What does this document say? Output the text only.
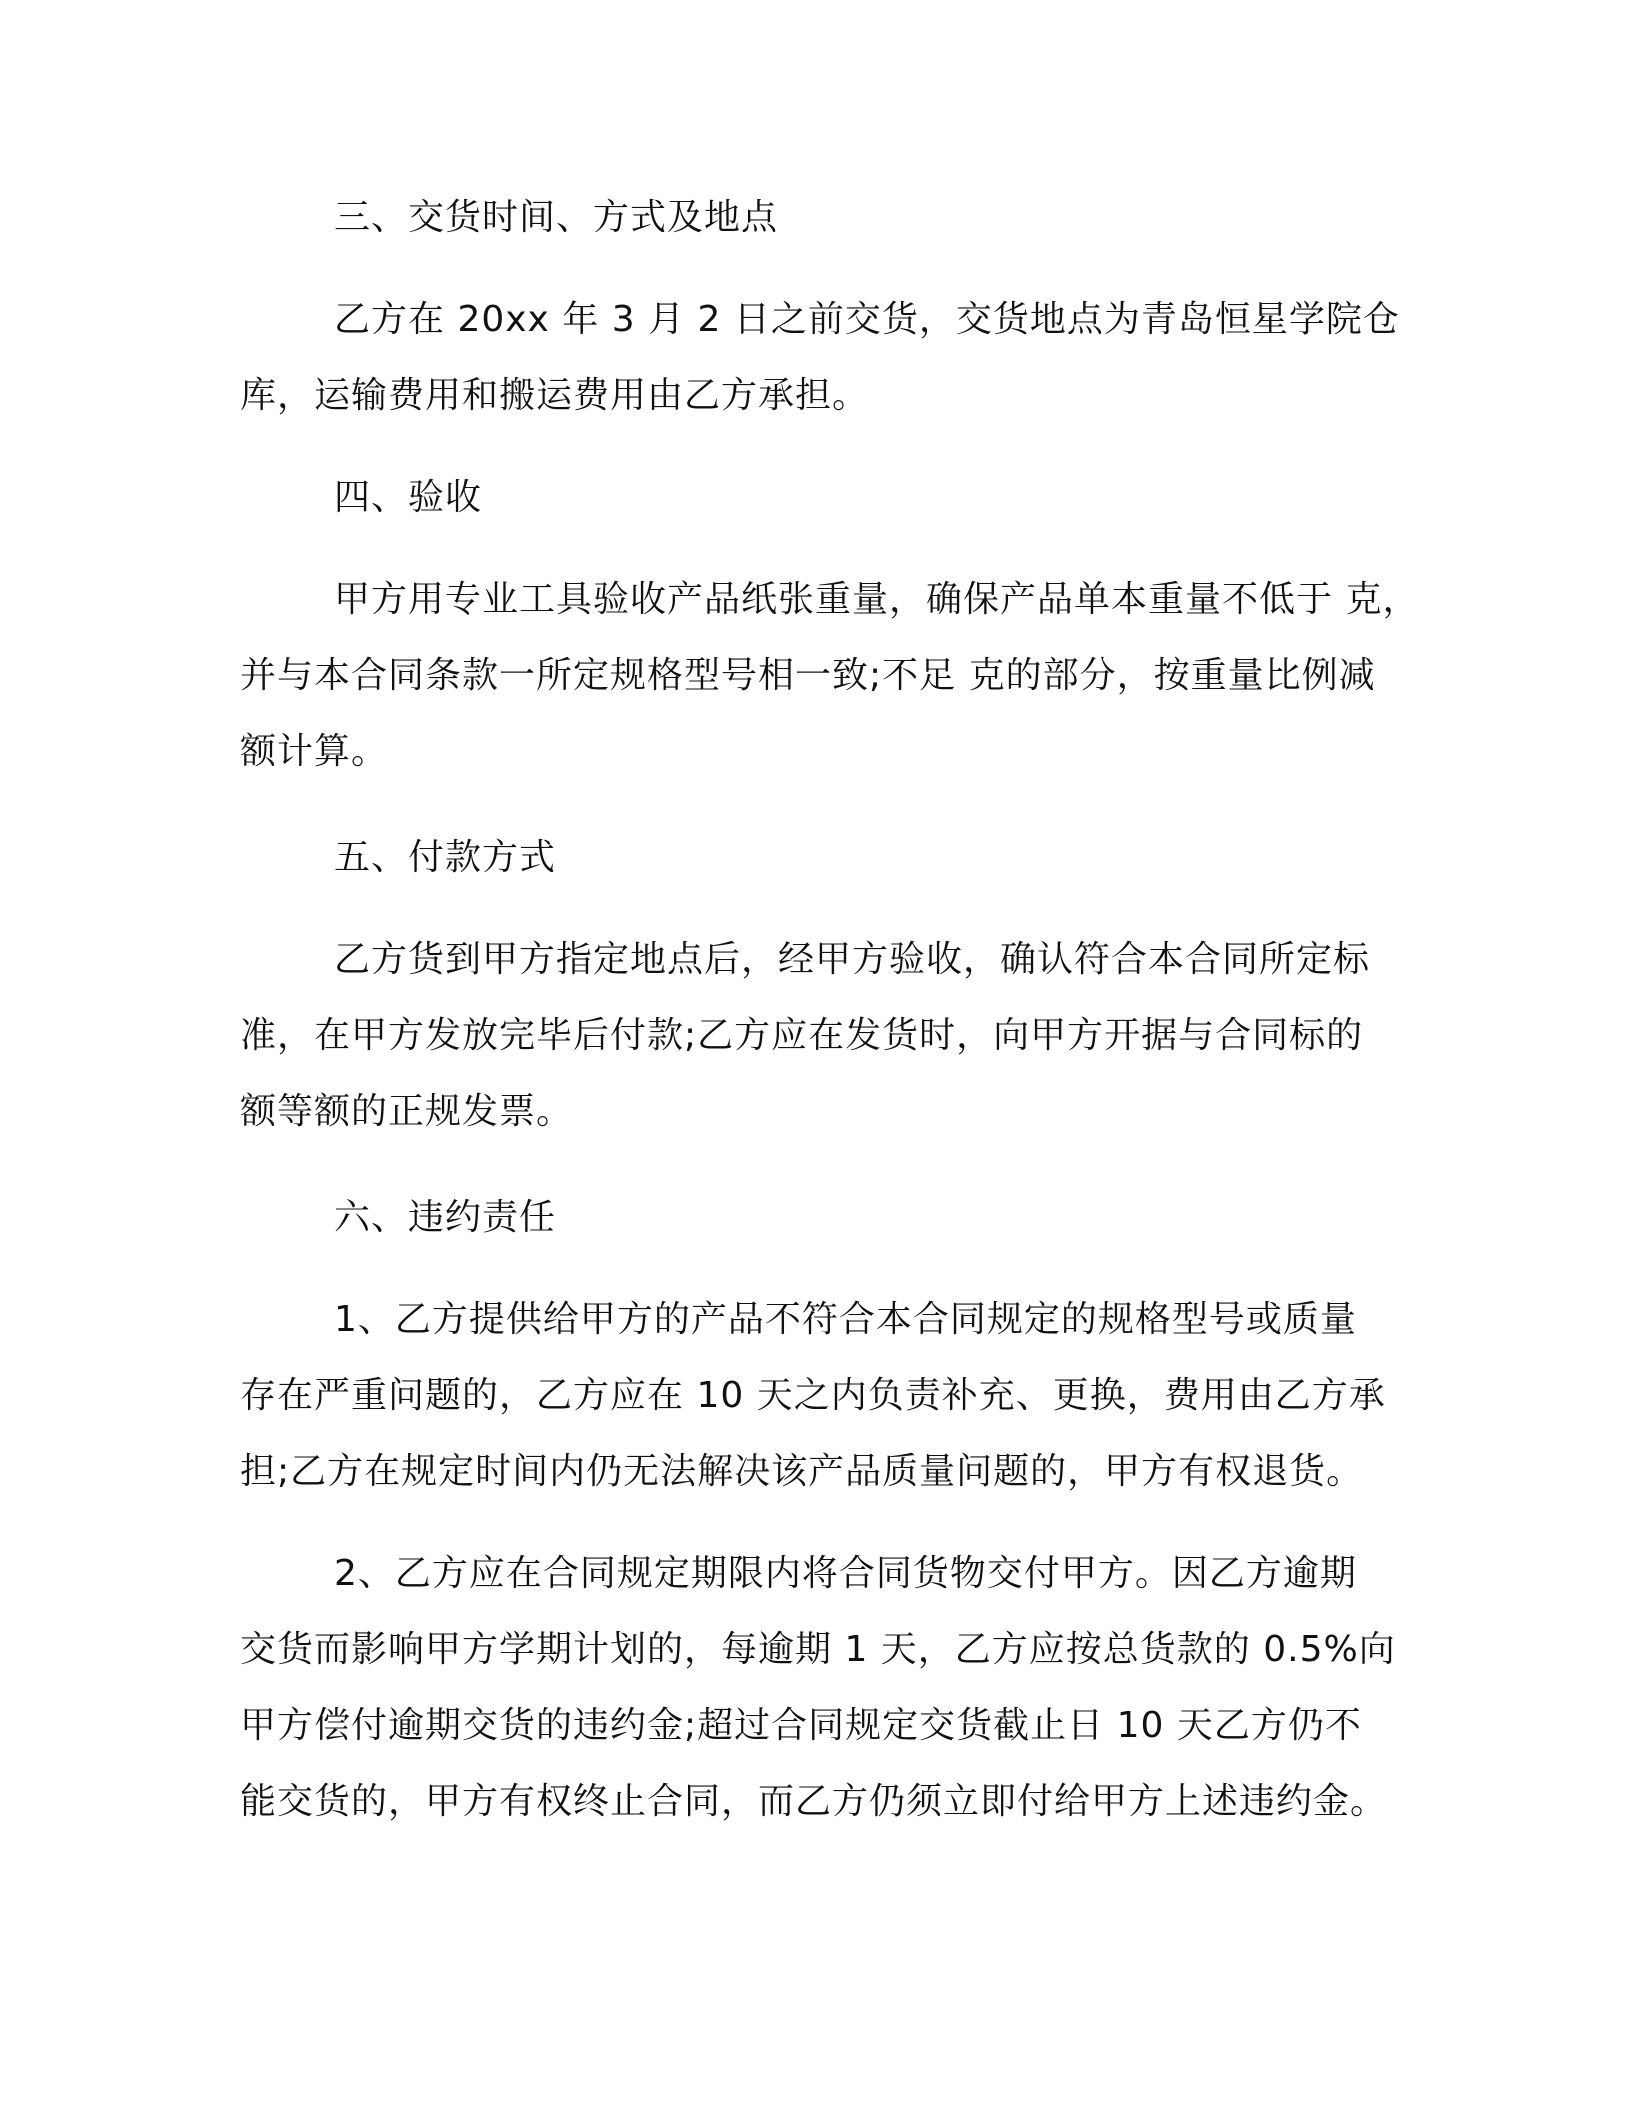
三、交货时间、方式及地点
乙方在 20xx 年 3 月 2 日之前交货，交货地点为青岛恒星学院仓
库，运输费用和搬运费用由乙方承担。
四、验收
甲方用专业工具验收产品纸张重量，确保产品单本重量不低于 克，
并与本合同条款一所定规格型号相一致;不足 克的部分，按重量比例减
额计算。
五、付款方式
乙方货到甲方指定地点后，经甲方验收，确认符合本合同所定标
准，在甲方发放完毕后付款;乙方应在发货时，向甲方开据与合同标的
额等额的正规发票。
六、违约责任
1、乙方提供给甲方的产品不符合本合同规定的规格型号或质量
存在严重问题的，乙方应在 10 天之内负责补充、更换，费用由乙方承
担;乙方在规定时间内仍无法解决该产品质量问题的，甲方有权退货。
2、乙方应在合同规定期限内将合同货物交付甲方。因乙方逾期
交货而影响甲方学期计划的，每逾期 1 天，乙方应按总货款的 0.5%向
甲方偿付逾期交货的违约金;超过合同规定交货截止日 10 天乙方仍不
能交货的，甲方有权终止合同，而乙方仍须立即付给甲方上述违约金。
